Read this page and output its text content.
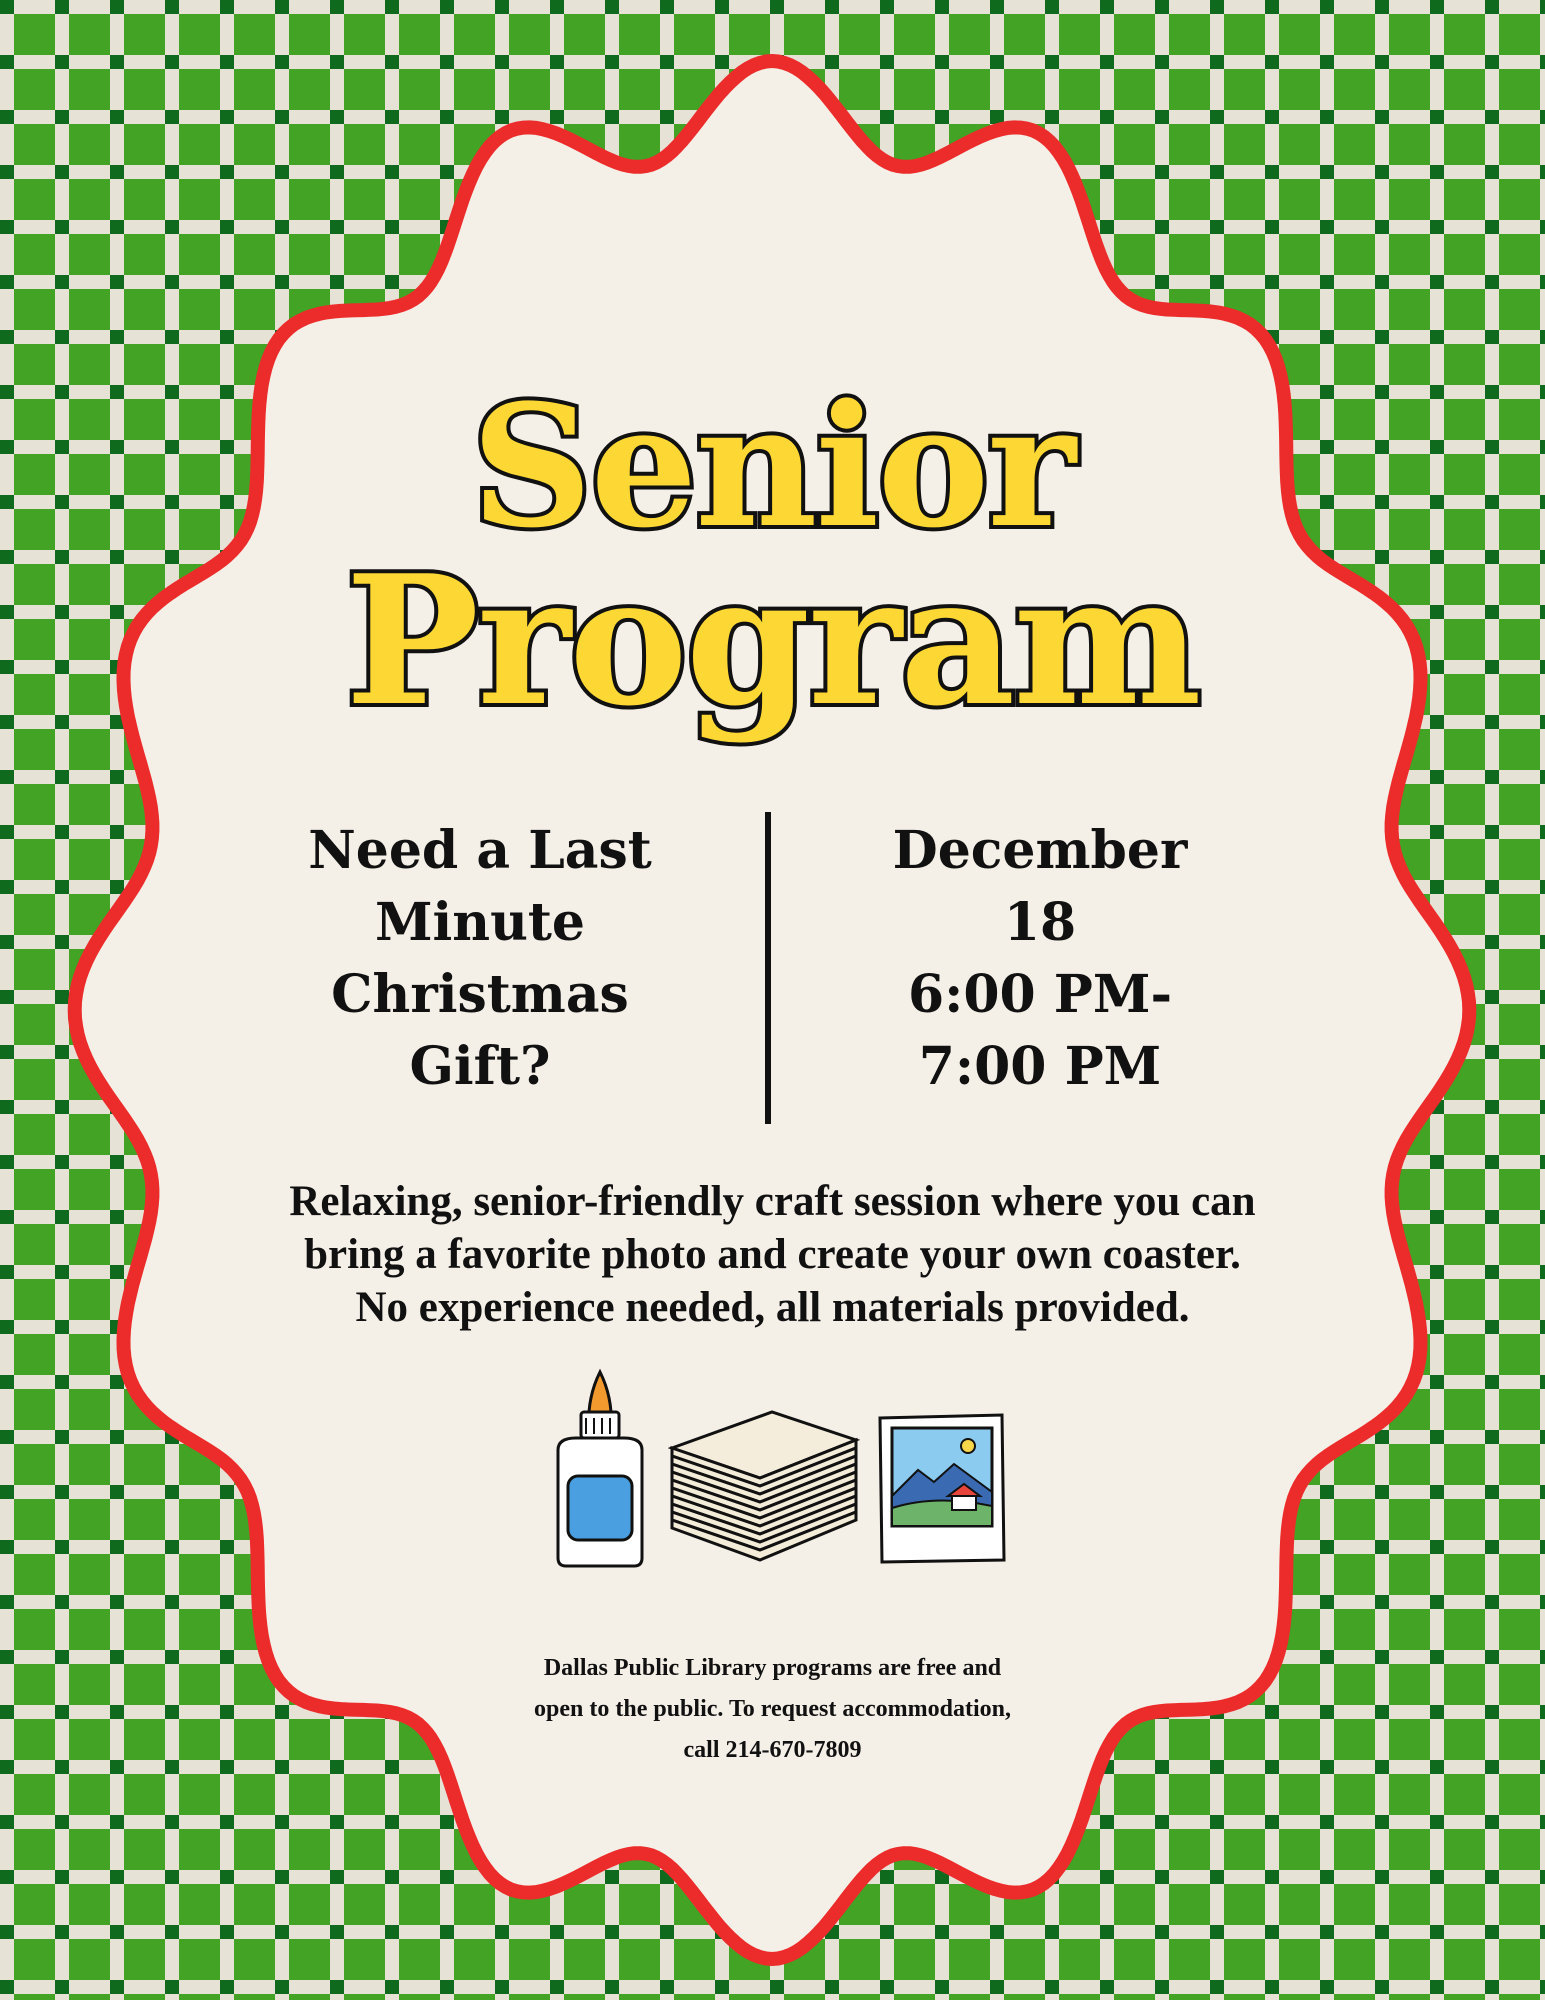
Senior
Program
Need a Last
Minute
Christmas
Gift?
December
18
6:00 PM-
7:00 PM
Relaxing, senior-friendly craft session where you can
bring a favorite photo and create your own coaster.
No experience needed, all materials provided.
Dallas Public Library programs are free and
open to the public. To request accommodation,
call 214-670-7809
